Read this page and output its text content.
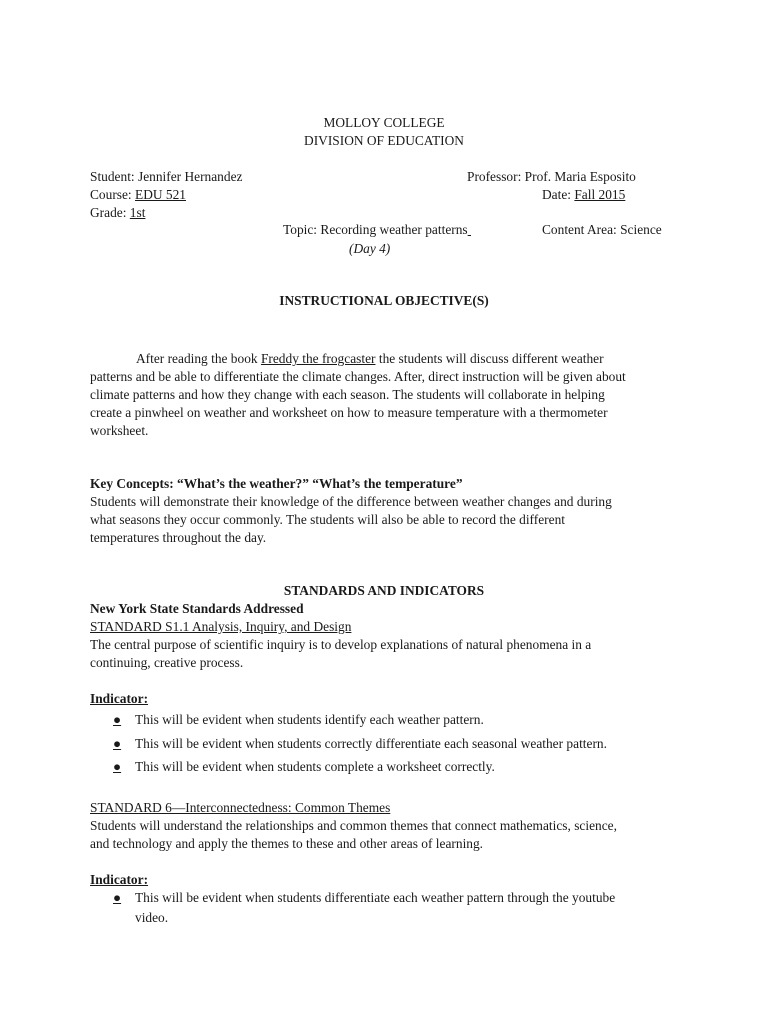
MOLLOY COLLEGE
DIVISION OF EDUCATION
Student: Jennifer Hernandez	Professor: Prof. Maria Esposito
Course: EDU 521	Date: Fall 2015
Grade: 1st
Topic: Recording weather patterns	Content Area: Science
(Day 4)
INSTRUCTIONAL OBJECTIVE(S)
After reading the book Freddy the frogcaster the students will discuss different weather
patterns and be able to differentiate the climate changes. After, direct instruction will be given about
climate patterns and how they change with each season. The students will collaborate in helping
create a pinwheel on weather and worksheet on how to measure temperature with a thermometer
worksheet.
Key Concepts: “What’s the weather?” “What’s the temperature”
Students will demonstrate their knowledge of the difference between weather changes and during
what seasons they occur commonly. The students will also be able to record the different
temperatures throughout the day.
STANDARDS AND INDICATORS
New York State Standards Addressed
STANDARD S1.1 Analysis, Inquiry, and Design
The central purpose of scientific inquiry is to develop explanations of natural phenomena in a
continuing, creative process.
Indicator:
● This will be evident when students identify each weather pattern.
● This will be evident when students correctly differentiate each seasonal weather pattern.
● This will be evident when students complete a worksheet correctly.
STANDARD 6—Interconnectedness: Common Themes
Students will understand the relationships and common themes that connect mathematics, science,
and technology and apply the themes to these and other areas of learning.
Indicator:
● This will be evident when students differentiate each weather pattern through the youtube
video.
